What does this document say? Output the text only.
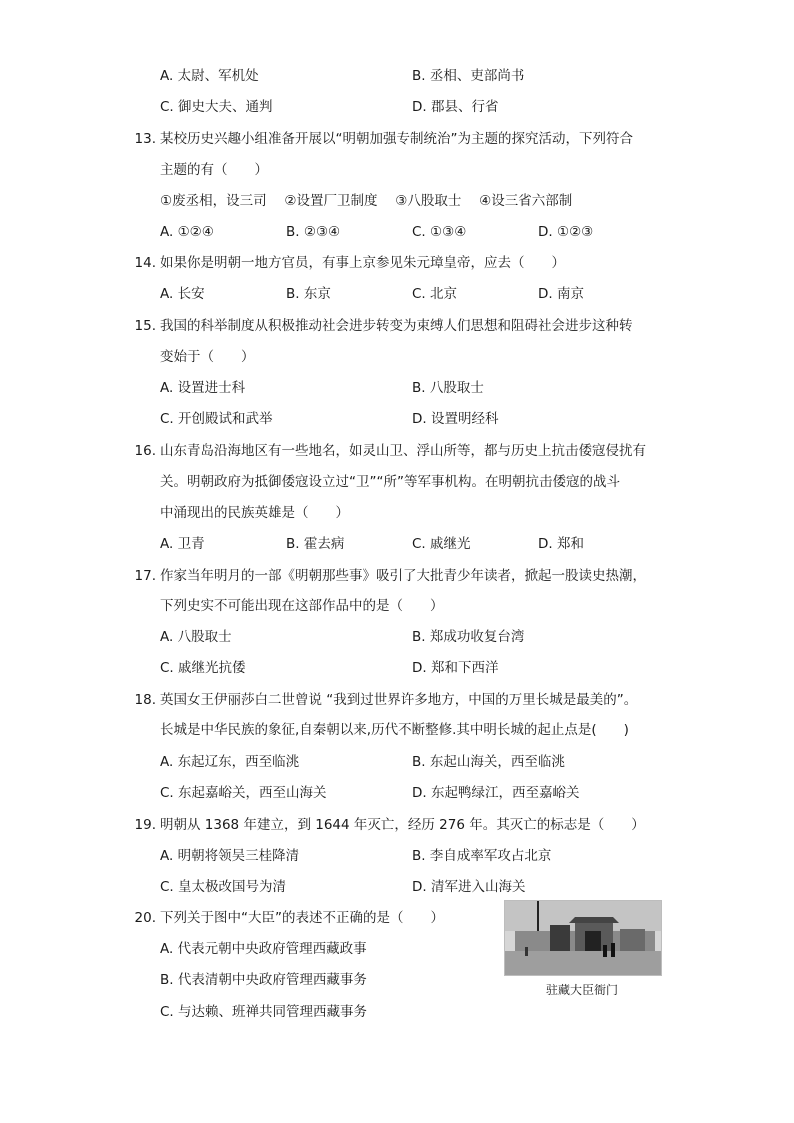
A. 太尉、军机处	B. 丞相、吏部尚书
C. 御史大夫、通判	D. 郡县、行省
13. 某校历史兴趣小组准备开展以“明朝加强专制统治”为主题的探究活动，下列符合
主题的有（　　）
①废丞相，设三司　 ②设置厂卫制度　 ③八股取士　 ④设三省六部制
A. ①②④	B. ②③④	C. ①③④	D. ①②③
14. 如果你是明朝一地方官员，有事上京参见朱元璋皇帝，应去（　　）
A. 长安	B. 东京	C. 北京	D. 南京
15. 我国的科举制度从积极推动社会进步转变为束缚人们思想和阻碍社会进步这种转
变始于（　　）
A. 设置进士科	B. 八股取士
C. 开创殿试和武举	D. 设置明经科
16. 山东青岛沿海地区有一些地名，如灵山卫、浮山所等，都与历史上抗击倭寇侵扰有
关。明朝政府为抵御倭寇设立过“卫”“所”等军事机构。在明朝抗击倭寇的战斗
中涌现出的民族英雄是（　　）
A. 卫青	B. 霍去病	C. 戚继光	D. 郑和
17. 作家当年明月的一部《明朝那些事》吸引了大批青少年读者，掀起一股读史热潮，
下列史实不可能出现在这部作品中的是（　　）
A. 八股取士	B. 郑成功收复台湾
C. 戚继光抗倭	D. 郑和下西洋
18. 英国女王伊丽莎白二世曾说 “我到过世界许多地方，中国的万里长城是最美的”。
长城是中华民族的象征,自秦朝以来,历代不断整修.其中明长城的起止点是(　　)
A. 东起辽东，西至临洮	B. 东起山海关，西至临洮
C. 东起嘉峪关，西至山海关	D. 东起鸭绿江，西至嘉峪关
19. 明朝从 1368 年建立，到 1644 年灭亡，经历 276 年。其灭亡的标志是（　　）
A. 明朝将领吴三桂降清	B. 李自成率军攻占北京
C. 皇太极改国号为清	D. 清军进入山海关
20. 下列关于图中“大臣”的表述不正确的是（　　）
A. 代表元朝中央政府管理西藏政事
B. 代表清朝中央政府管理西藏事务
C. 与达赖、班禅共同管理西藏事务
驻藏大臣衙门
